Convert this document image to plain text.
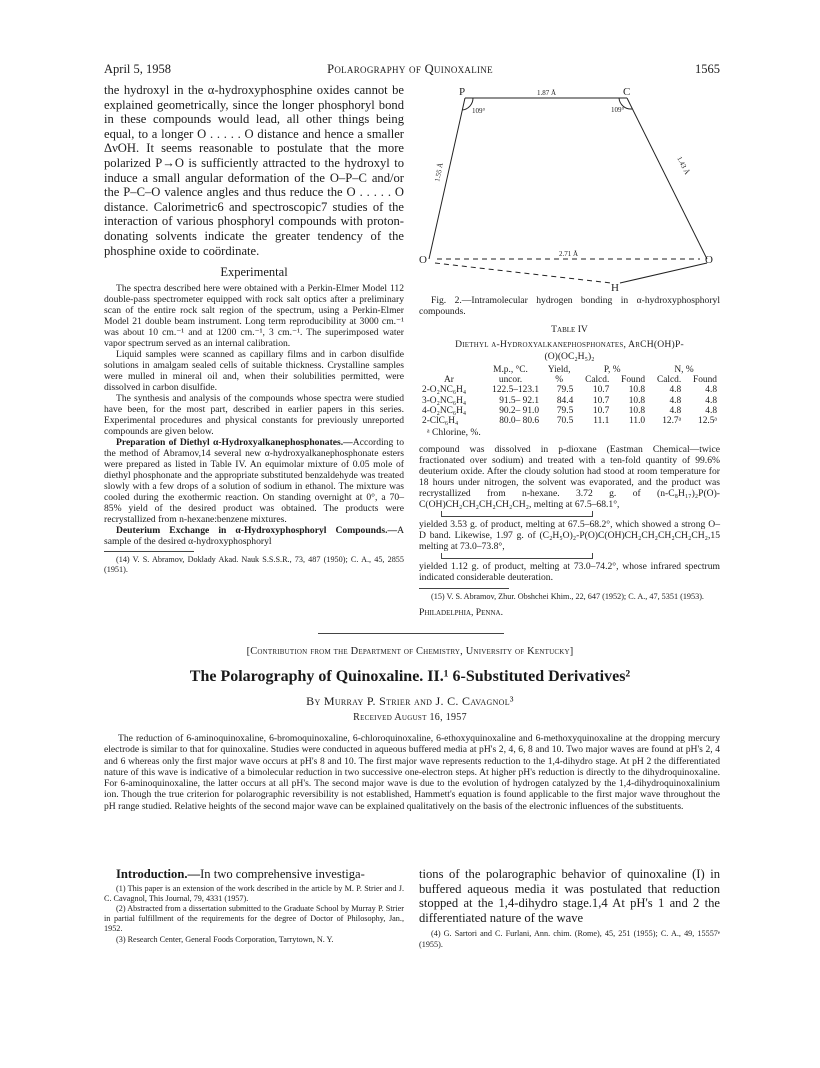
April 5, 1958	Polarography of Quinoxaline	1565

the hydroxyl in the α-hydroxyphosphine oxides cannot be explained geometrically, since the longer phosphoryl bond in these compounds would lead, all other things being equal, to a longer O . . . . . O distance and hence a smaller ΔνOH. It seems reasonable to postulate that the more polarized P→O is sufficiently attracted to the hydroxyl to induce a small angular deformation of the O–P–C and/or the P–C–O valence angles and thus reduce the O . . . . . O distance. Calorimetric6 and spectroscopic7 studies of the interaction of various phosphoryl compounds with proton-donating solvents indicate the greater tendency of the phosphine oxide to coördinate.

Experimental

The spectra described here were obtained with a Perkin-Elmer Model 112 double-pass spectrometer equipped with rock salt optics after a preliminary scan of the entire rock salt region of the spectrum, using a Perkin-Elmer Model 21 double beam instrument. Long term reproducibility at 3000 cm.⁻¹ was about 10 cm.⁻¹ and at 1200 cm.⁻¹, 3 cm.⁻¹. The superimposed water vapor spectrum served as an internal calibration.

Liquid samples were scanned as capillary films and in carbon disulfide solutions in amalgam sealed cells of suitable thickness. Crystalline samples were mulled in mineral oil and, when their solubilities permitted, were dissolved in carbon disulfide.

The synthesis and analysis of the compounds whose spectra were studied have been, for the most part, described in earlier papers in this series. Experimental procedures and physical constants for previously unreported compounds are given below.

Preparation of Diethyl α-Hydroxyalkanephosphonates.—According to the method of Abramov,14 several new α-hydroxyalkanephosphonate esters were prepared as listed in Table IV. An equimolar mixture of 0.05 mole of diethyl phosphonate and the appropriate substituted benzaldehyde was treated slowly with a few drops of a solution of sodium in ethanol. The mixture was cooled during the exothermic reaction. On standing overnight at 0°, a 70–85% yield of the desired product was obtained. The products were recrystallized from n-hexane:benzene mixtures.

Deuterium Exchange in α-Hydroxyphosphoryl Compounds.—A sample of the desired α-hydroxyphosphoryl

(14) V. S. Abramov, Doklady Akad. Nauk S.S.S.R., 73, 487 (1950); C. A., 45, 2855 (1951).

P	C
O	O
H
109°	109°
1.87 Å
1.55 Å	1.43 Å
2.71 Å

Fig. 2.—Intramolecular hydrogen bonding in α-hydroxyphosphoryl compounds.

Table IV
Diethyl α-Hydroxyalkanephosphonates, ArCH(OH)P-
(O)(OC₂H₅)₂
	M.p., °C.	Yield,	P, %		N, %	
Ar	uncor.	%	Calcd.	Found	Calcd.	Found
2-O₂NC₆H₄	122.5–123.1	79.5	10.7	10.8	4.8	4.8
3-O₂NC₆H₄	91.5– 92.1	84.4	10.7	10.8	4.8	4.8
4-O₂NC₆H₄	90.2– 91.0	79.5	10.7	10.8	4.8	4.8
2-ClC₆H₄	80.0– 80.6	70.5	11.1	11.0	12.7ᵃ	12.5ᵃ
ᵃ Chlorine, %.

compound was dissolved in p-dioxane (Eastman Chemical—twice fractionated over sodium) and treated with a ten-fold quantity of 99.6% deuterium oxide. After the cloudy solution had stood at room temperature for 18 hours under nitrogen, the solvent was evaporated, and the product was recrystallized from n-hexane. 3.72 g. of (n-C₈H₁₇)₂P(O)-C(OH)CH₂CH₂CH₂CH₂CH₂, melting at 67.5–68.1°,

yielded 3.53 g. of product, melting at 67.5–68.2°, which showed a strong O–D band. Likewise, 1.97 g. of (C₂H₅O)₂-P(O)C(OH)CH₂CH₂CH₂CH₂CH₂,15 melting at 73.0–73.8°,

yielded 1.12 g. of product, melting at 73.0–74.2°, whose infrared spectrum indicated considerable deuteration.

(15) V. S. Abramov, Zhur. Obshchei Khim., 22, 647 (1952); C. A., 47, 5351 (1953).

Philadelphia, Penna.
[Contribution from the Department of Chemistry, University of Kentucky]
The Polarography of Quinoxaline. II.¹ 6-Substituted Derivatives²
By Murray P. Strier and J. C. Cavagnol³
Received August 16, 1957
The reduction of 6-aminoquinoxaline, 6-bromoquinoxaline, 6-chloroquinoxaline, 6-ethoxyquinoxaline and 6-methoxyquinoxaline at the dropping mercury electrode is similar to that for quinoxaline. Studies were conducted in aqueous buffered media at pH's 2, 4, 6, 8 and 10. Two major waves are found at pH's 2, 4 and 6 whereas only the first major wave occurs at pH's 8 and 10. The first major wave represents reduction to the 1,4-dihydro stage. At pH 2 the differentiated nature of this wave is indicative of a bimolecular reduction in two successive one-electron steps. At higher pH's reduction is directly to the dihydroquinoxaline. For 6-aminoquinoxaline, the latter occurs at all pH's. The second major wave is due to the evolution of hydrogen catalyzed by the 1,4-dihydroquinoxalinium ion. Though the true criterion for polarographic reversibility is not established, Hammett's equation is found applicable to the first major wave throughout the pH range studied. Relative heights of the second major wave can be explained qualitatively on the basis of the electronic influences of the substituents.

Introduction.—In two comprehensive investiga-

(1) This paper is an extension of the work described in the article by M. P. Strier and J. C. Cavagnol, This Journal, 79, 4331 (1957).

(2) Abstracted from a dissertation submitted to the Graduate School by Murray P. Strier in partial fulfillment of the requirements for the degree of Doctor of Philosophy, Jan., 1952.

(3) Research Center, General Foods Corporation, Tarrytown, N. Y.

tions of the polarographic behavior of quinoxaline (I) in buffered aqueous media it was postulated that reduction stopped at the 1,4-dihydro stage.1,4 At pH's 1 and 2 the differentiated nature of the wave

(4) G. Sartori and C. Furlani, Ann. chim. (Rome), 45, 251 (1955); C. A., 49, 15557ᵉ (1955).
